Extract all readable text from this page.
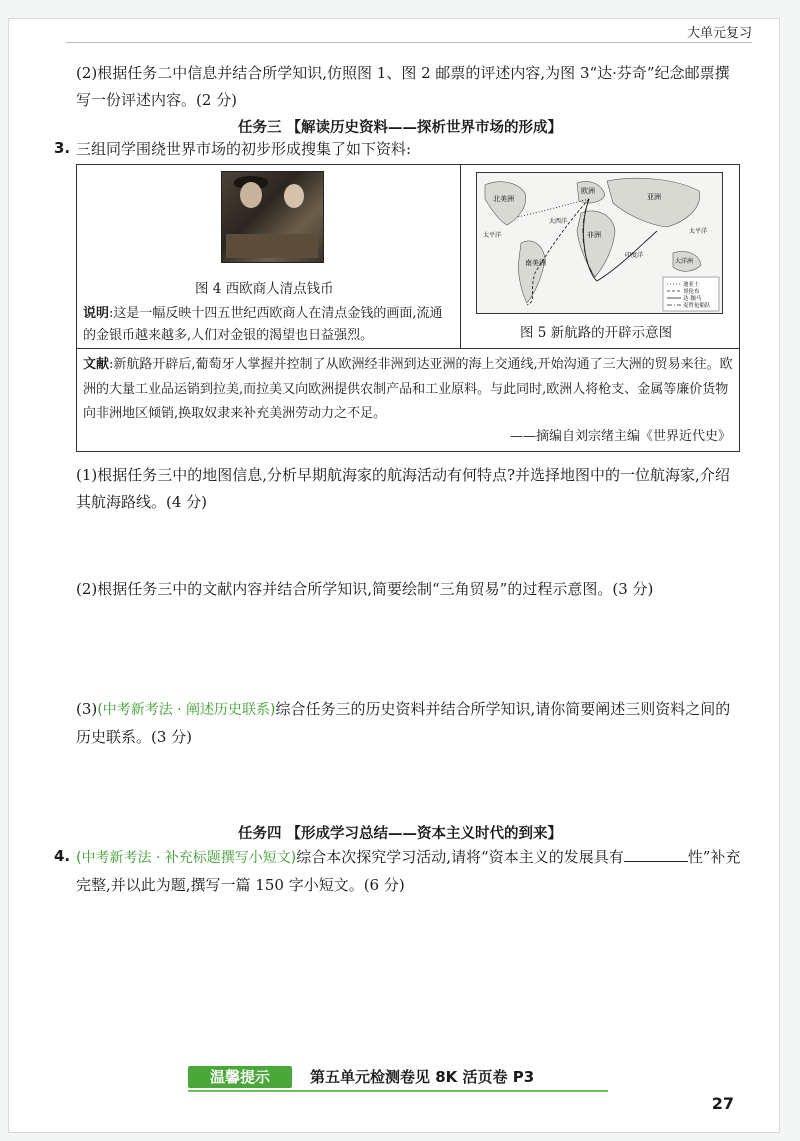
大单元复习
(2)根据任务二中信息并结合所学知识,仿照图 1、图 2 邮票的评述内容,为图 3“达·芬奇”纪念邮票撰写一份评述内容。(2 分)
任务三 【解读历史资料——探析世界市场的形成】
3. 三组同学围绕世界市场的初步形成搜集了如下资料:
图 4 西欧商人清点钱币
说明:这是一幅反映十四五世纪西欧商人在清点金钱的画面,流通的金银币越来越多,人们对金银的渴望也日益强烈。	图 5 新航路的开辟示意图
文献:新航路开辟后,葡萄牙人掌握并控制了从欧洲经非洲到达亚洲的海上交通线,开始沟通了三大洲的贸易来往。欧洲的大量工业品运销到拉美,而拉美又向欧洲提供农制产品和工业原料。与此同时,欧洲人将枪支、金属等廉价货物向非洲地区倾销,换取奴隶来补充美洲劳动力之不足。
——摘编自刘宗绪主编《世界近代史》
迪亚士
哥伦布
达·伽马
麦哲伦船队
北美洲
南美洲
欧洲
非洲
亚洲
大洋洲
太平洋
大西洋
印度洋
太平洋
(1)根据任务三中的地图信息,分析早期航海家的航海活动有何特点?并选择地图中的一位航海家,介绍其航海路线。(4 分)
(2)根据任务三中的文献内容并结合所学知识,简要绘制“三角贸易”的过程示意图。(3 分)
(3)(中考新考法 · 阐述历史联系)综合任务三的历史资料并结合所学知识,请你简要阐述三则资料之间的历史联系。(3 分)
任务四 【形成学习总结——资本主义时代的到来】
4. (中考新考法 · 补充标题撰写小短文)综合本次探究学习活动,请将“资本主义的发展具有	性”补充完整,并以此为题,撰写一篇 150 字小短文。(6 分)
温馨提示	第五单元检测卷见 8K 活页卷 P3
27
